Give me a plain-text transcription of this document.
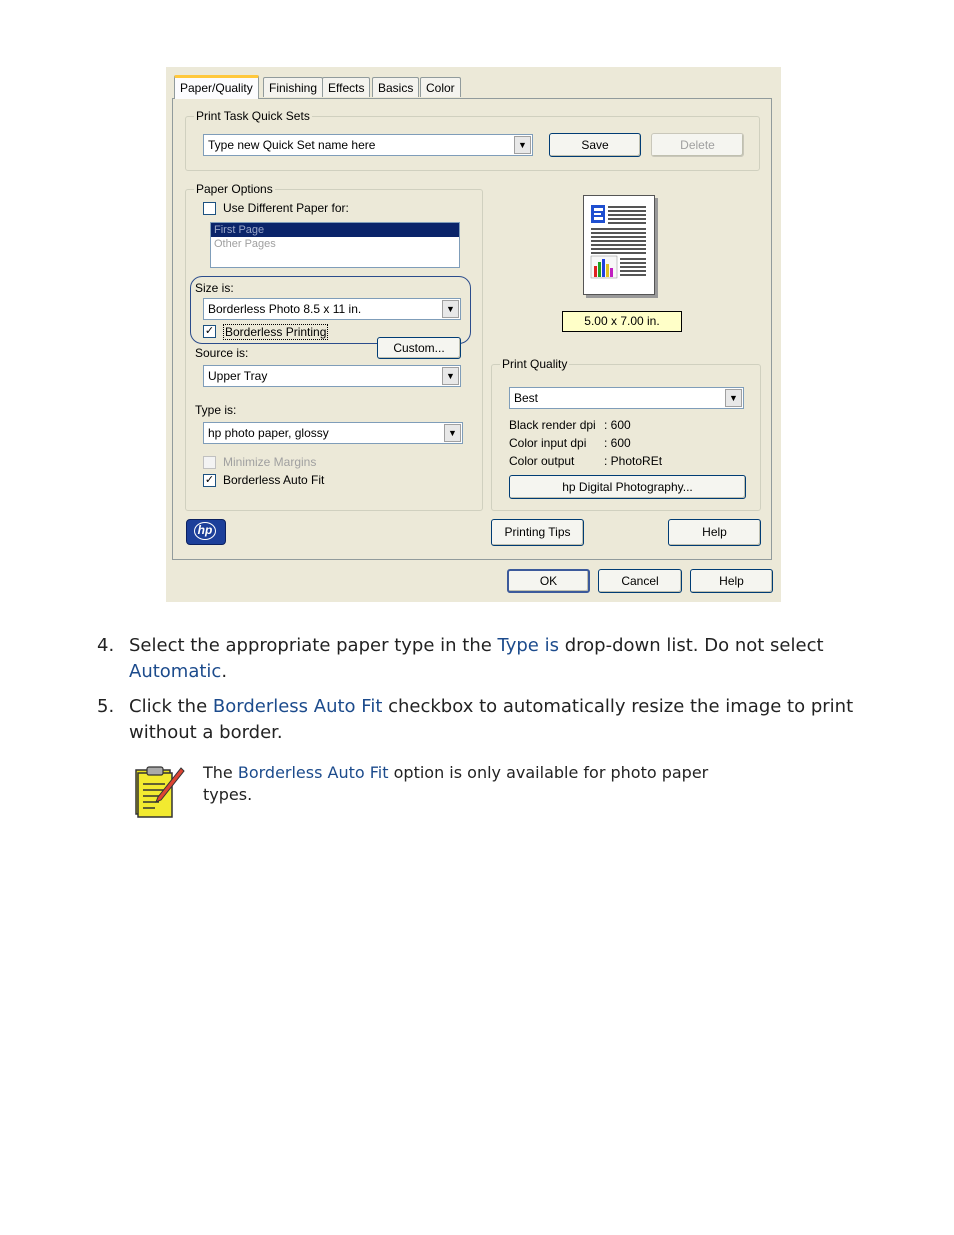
Paper/Quality	Finishing Effects	Basics	Color
Print Task Quick Sets
Type new Quick Set name here	▼	Save	Delete
Paper Options
Use Different Paper for:
First Page
Other Pages
Size is:
Borderless Photo 8.5 x 11 in.	▼
✓ Borderless Printing
Custom...
Source is:
Upper Tray	▼
Type is:
hp photo paper, glossy	▼
Minimize Margins
✓ Borderless Auto Fit
5.00 x 7.00 in.
Print Quality
Best	▼
Black render dpi : 600
Color input dpi : 600
Color output : PhotoREt
hp Digital Photography...
hp	Printing Tips	Help
OK	Cancel	Help
4. Select the appropriate paper type in the Type is drop-down list. Do not select Automatic.
5. Click the Borderless Auto Fit checkbox to automatically resize the image to print without a border.
The Borderless Auto Fit option is only available for photo paper types.
